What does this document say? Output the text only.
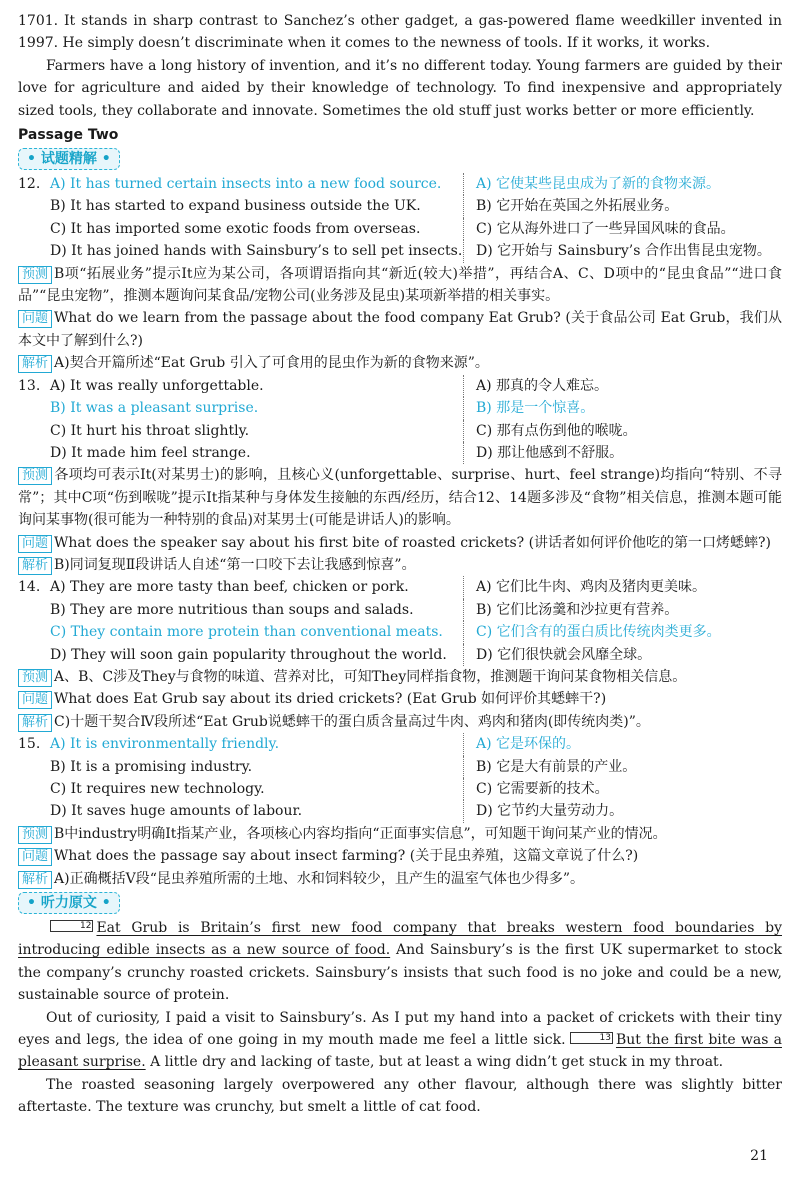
1701. It stands in sharp contrast to Sanchez’s other gadget, a gas-powered flame weedkiller invented in 1997. He simply doesn’t discriminate when it comes to the newness of tools. If it works, it works.
Farmers have a long history of invention, and it’s no different today. Young farmers are guided by their love for agriculture and aided by their knowledge of technology. To find inexpensive and appropriately sized tools, they collaborate and innovate. Sometimes the old stuff just works better or more efficiently.
Passage Two
• 试题精解 •
12. A) It has turned certain insects into a new food source.	A) 它使某些昆虫成为了新的食物来源。
B) It has started to expand business outside the UK.	B) 它开始在英国之外拓展业务。
C) It has imported some exotic foods from overseas.	C) 它从海外进口了一些异国风味的食品。
D) It has joined hands with Sainsbury’s to sell pet insects. D) 它开始与 Sainsbury’s 合作出售昆虫宠物。
预测 B项“拓展业务”提示It应为某公司，各项谓语指向其“新近(较大)举措”，再结合A、C、D项中的“昆虫食品”“进口食品”“昆虫宠物”，推测本题询问某食品/宠物公司(业务涉及昆虫)某项新举措的相关事实。
问题 What do we learn from the passage about the food company Eat Grub? (关于食品公司 Eat Grub，我们从本文中了解到什么?)
解析 A)契合开篇所述“Eat Grub 引入了可食用的昆虫作为新的食物来源”。
13. A) It was really unforgettable.	A) 那真的令人难忘。
B) It was a pleasant surprise.	B) 那是一个惊喜。
C) It hurt his throat slightly.	C) 那有点伤到他的喉咙。
D) It made him feel strange.	D) 那让他感到不舒服。
预测 各项均可表示It(对某男士)的影响，且核心义(unforgettable、surprise、hurt、feel strange)均指向“特别、不寻常”；其中C项“伤到喉咙”提示It指某种与身体发生接触的东西/经历，结合12、14题多涉及“食物”相关信息，推测本题可能询问某事物(很可能为一种特别的食品)对某男士(可能是讲话人)的影响。
问题 What does the speaker say about his first bite of roasted crickets? (讲话者如何评价他吃的第一口烤蟋蟀?)
解析 B)同词复现Ⅱ段讲话人自述“第一口咬下去让我感到惊喜”。
14. A) They are more tasty than beef, chicken or pork.	A) 它们比牛肉、鸡肉及猪肉更美味。
B) They are more nutritious than soups and salads.	B) 它们比汤羹和沙拉更有营养。
C) They contain more protein than conventional meats.	C) 它们含有的蛋白质比传统肉类更多。
D) They will soon gain popularity throughout the world.	D) 它们很快就会风靡全球。
预测 A、B、C涉及They与食物的味道、营养对比，可知They同样指食物，推测题干询问某食物相关信息。
问题 What does Eat Grub say about its dried crickets? (Eat Grub 如何评价其蟋蟀干?)
解析 C)十题干契合Ⅳ段所述“Eat Grub说蟋蟀干的蛋白质含量高过牛肉、鸡肉和猪肉(即传统肉类)”。
15. A) It is environmentally friendly.	A) 它是环保的。
B) It is a promising industry.	B) 它是大有前景的产业。
C) It requires new technology.	C) 它需要新的技术。
D) It saves huge amounts of labour.	D) 它节约大量劳动力。
预测 B中industry明确It指某产业，各项核心内容均指向“正面事实信息”，可知题干询问某产业的情况。
问题 What does the passage say about insect farming? (关于昆虫养殖，这篇文章说了什么?)
解析 A)正确概括Ⅴ段“昆虫养殖所需的土地、水和饲料较少，且产生的温室气体也少得多”。
• 听力原文 •
12 Eat Grub is Britain’s first new food company that breaks western food boundaries by introducing edible insects as a new source of food. And Sainsbury’s is the first UK supermarket to stock the company’s crunchy roasted crickets. Sainsbury’s insists that such food is no joke and could be a new, sustainable source of protein.
Out of curiosity, I paid a visit to Sainsbury’s. As I put my hand into a packet of crickets with their tiny eyes and legs, the idea of one going in my mouth made me feel a little sick.	13 But the first bite was a pleasant surprise. A little dry and lacking of taste, but at least a wing didn’t get stuck in my throat.
The roasted seasoning largely overpowered any other flavour, although there was slightly bitter aftertaste. The texture was crunchy, but smelt a little of cat food.
21
